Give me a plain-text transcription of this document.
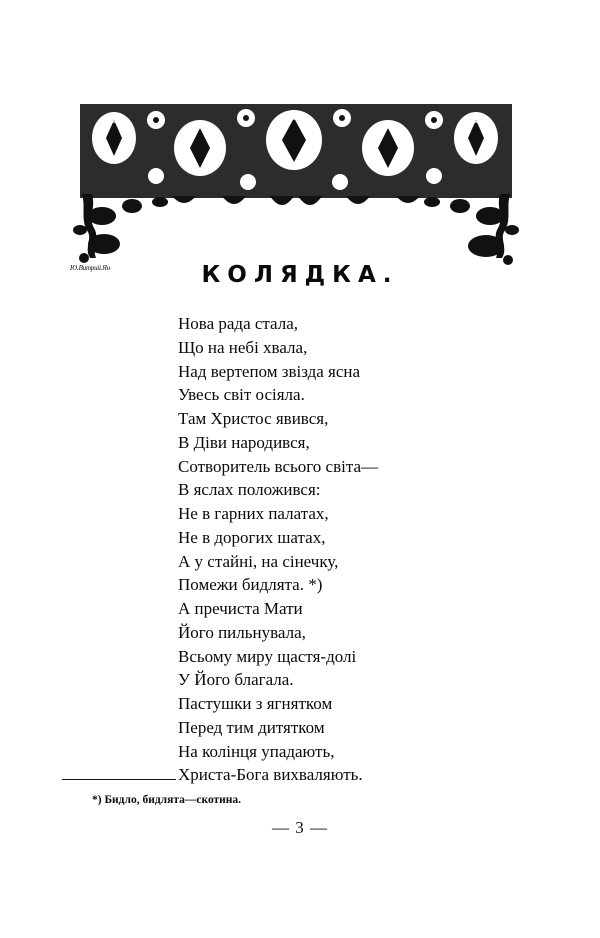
Ю.Витрий.Ян	КОЛЯДКА.
Нова рада стала,
Що на небі хвала,
Над вертепом звізда ясна
Увесь світ осіяла.
Там Христос явився,
В Діви народився,
Сотворитель всього світа—
В яслах положився:
Не в гарних палатах,
Не в дорогих шатах,
А у стайні, на сінечку,
Помежи бидлята. *)
А пречиста Мати
Його пильнувала,
Всьому миру щастя-долі
У Його благала.
Пастушки з ягнятком
Перед тим дитятком
На колінця упадають,
Христа-Бога вихваляють.
*) Бидло, бидлята—скотина.
— 3 —
